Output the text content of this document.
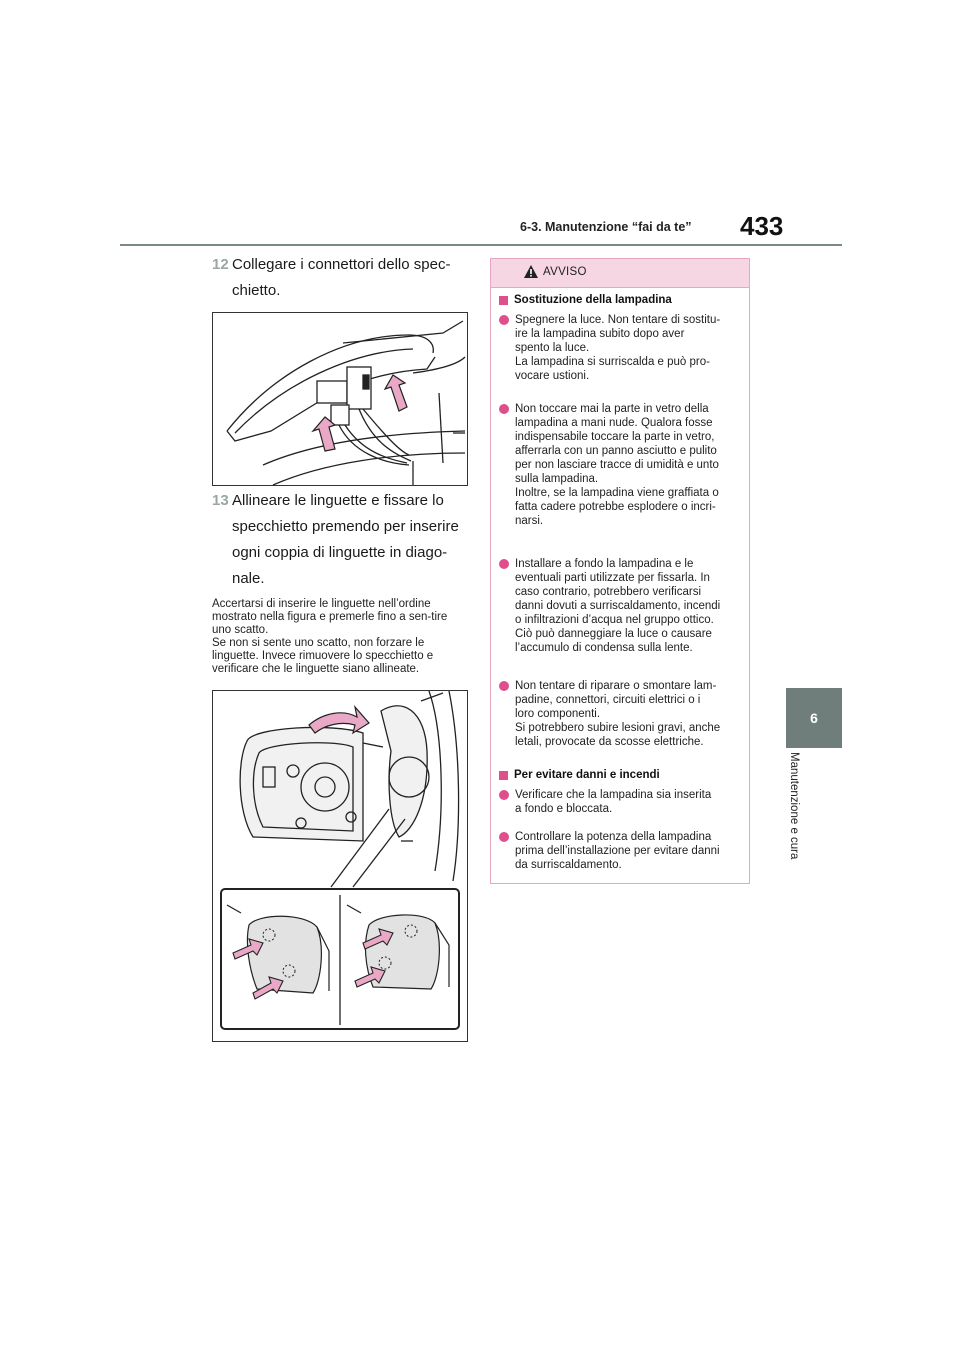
6-3. Manutenzione “fai da te” 433
6
Manutenzione e cura
12 Collegare i connettori dello spec-
chietto.
13 Allineare le linguette e fissare lo
specchietto premendo per inserire
ogni coppia di linguette in diago-
nale.
Accertarsi di inserire le linguette nell’ordine mostrato nella figura e premerle fino a sen-tire uno scatto.
Se non si sente uno scatto, non forzare le linguette. Invece rimuovere lo specchietto e verificare che le linguette siano allineate.
AVVISO
Sostituzione della lampadina
Spegnere la luce. Non tentare di sostitu-
ire la lampadina subito dopo aver
spento la luce.
La lampadina si surriscalda e può pro-
vocare ustioni.
Non toccare mai la parte in vetro della
lampadina a mani nude. Qualora fosse
indispensabile toccare la parte in vetro,
afferrarla con un panno asciutto e pulito
per non lasciare tracce di umidità e unto
sulla lampadina.
Inoltre, se la lampadina viene graffiata o
fatta cadere potrebbe esplodere o incri-
narsi.
Installare a fondo la lampadina e le
eventuali parti utilizzate per fissarla. In
caso contrario, potrebbero verificarsi
danni dovuti a surriscaldamento, incendi
o infiltrazioni d’acqua nel gruppo ottico.
Ciò può danneggiare la luce o causare
l’accumulo di condensa sulla lente.
Non tentare di riparare o smontare lam-
padine, connettori, circuiti elettrici o i
loro componenti.
Si potrebbero subire lesioni gravi, anche
letali, provocate da scosse elettriche.
Per evitare danni e incendi
Verificare che la lampadina sia inserita
a fondo e bloccata.
Controllare la potenza della lampadina
prima dell’installazione per evitare danni
da surriscaldamento.
